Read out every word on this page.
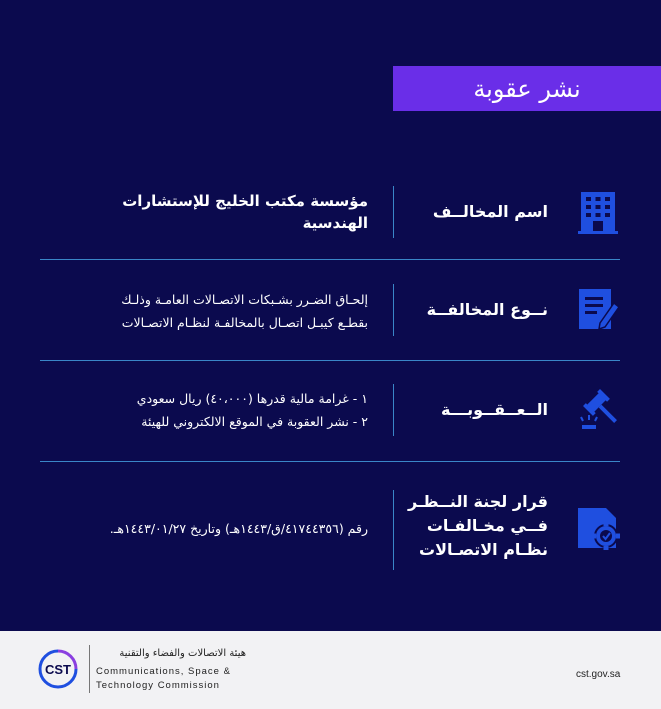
نشر عقوبة
اسم المخالــف
مؤسسة مكتب الخليج للإستشارات
الهندسية
نــوع المخالفــة
إلحـاق الضـرر بشـبكات الاتصـالات العامـة وذلـك
بقطـع كيبـل اتصـال بالمخالفـة لنظـام الاتصـالات
الــعــقــوبـــة
١ - غرامة مالية قدرها (٤٠،٠٠٠) ريال سعودي
٢ - نشر العقوبة في الموقع الالكتروني للهيئة
قرار لجنة النــظـر
فــي مخـالفـات
نظـام الاتصـالات
رقم (٤١٧٤٤٣٥٦/ق/١٤٤٣هـ) وتاريخ ١٤٤٣/٠١/٢٧هـ.
CST
هيئة الاتصالات والفضاء والتقنية
Communications, Space &
Technology Commission
cst.gov.sa
